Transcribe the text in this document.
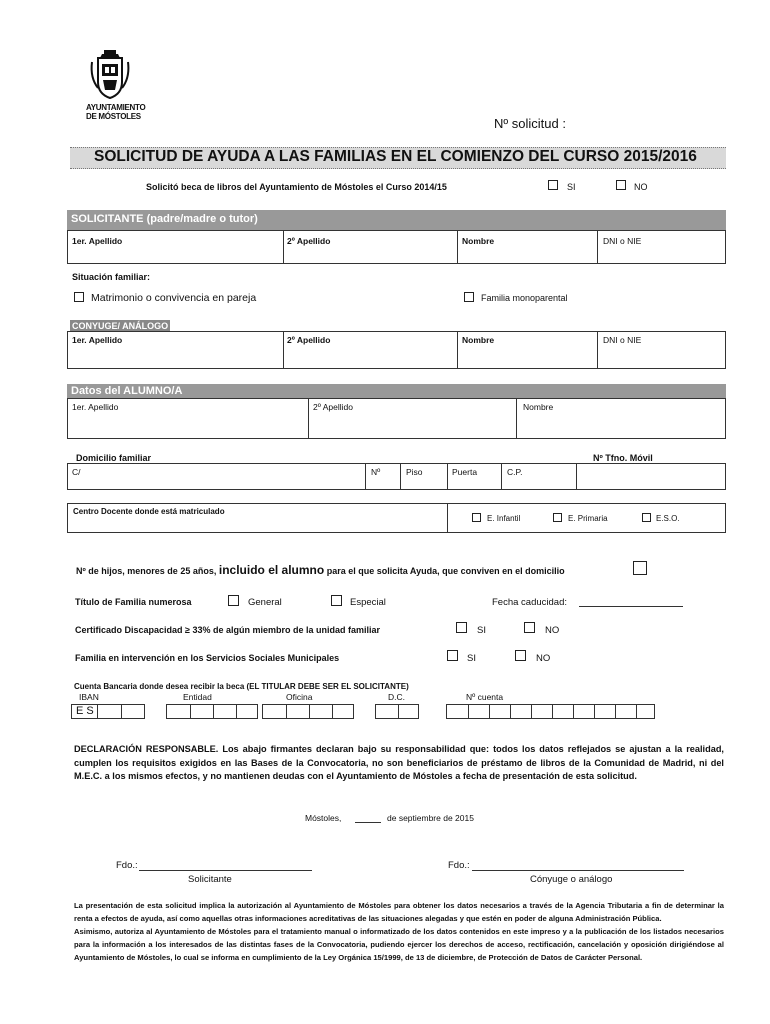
AYUNTAMIENTO
DE MÓSTOLES	Nº solicitud :
SOLICITUD DE AYUDA A LAS FAMILIAS EN EL COMIENZO DEL CURSO 2015/2016
Solicitó beca de libros del Ayuntamiento de Móstoles el Curso 2014/15	SI	NO
SOLICITANTE (padre/madre o tutor)
1er. Apellido	2º Apellido	Nombre	DNI o NIE
Situación familiar:
Matrimonio o convivencia en pareja	Familia monoparental
CONYUGE/ ANÁLOGO
1er. Apellido	2º Apellido	Nombre	DNI o NIE
Datos del ALUMNO/A
1er. Apellido	2º Apellido	Nombre
Domicilio familiar	Nº Tfno. Móvil
C/	Nº	Piso	Puerta	C.P.
Centro Docente donde está matriculado
E. Infantil	E. Primaria	E.S.O.
Nº de hijos, menores de 25 años, incluido el alumno para el que solicita Ayuda, que conviven en el domicilio
Título de Familia numerosa	General	Especial	Fecha caducidad:
Certificado Discapacidad ≥ 33% de algún miembro de la unidad familiar	SI	NO
Familia en intervención en los Servicios Sociales Municipales	SI	NO
Cuenta Bancaria donde desea recibir la beca (EL TITULAR DEBE SER EL SOLICITANTE)
IBAN	Entidad	Oficina	D.C.	Nº cuenta
E S
DECLARACIÓN RESPONSABLE. Los abajo firmantes declaran bajo su responsabilidad que: todos los datos reflejados se ajustan a la realidad, cumplen los requisitos exigidos en las Bases de la Convocatoria, no son beneficiarios de préstamo de libros de la Comunidad de Madrid, ni del M.E.C. a los mismos efectos, y no mantienen deudas con el Ayuntamiento de Móstoles a fecha de presentación de esta solicitud.
Móstoles,	de septiembre de 2015
Fdo.:
Solicitante
Fdo.:
Cónyuge o análogo

La presentación de esta solicitud implica la autorización al Ayuntamiento de Móstoles para obtener los datos necesarios a través de la Agencia Tributaria a fin de determinar la renta a efectos de ayuda, así como aquellas otras informaciones acreditativas de las situaciones alegadas y que estén en poder de alguna Administración Pública.

Asimismo, autoriza al Ayuntamiento de Móstoles para el tratamiento manual o informatizado de los datos contenidos en este impreso y a la publicación de los listados necesarios para la información a los interesados de las distintas fases de la Convocatoria, pudiendo ejercer los derechos de acceso, rectificación, cancelación y oposición dirigiéndose al Ayuntamiento de Móstoles, lo cual se informa en cumplimiento de la Ley Orgánica 15/1999, de 13 de diciembre, de Protección de Datos de Carácter Personal.
